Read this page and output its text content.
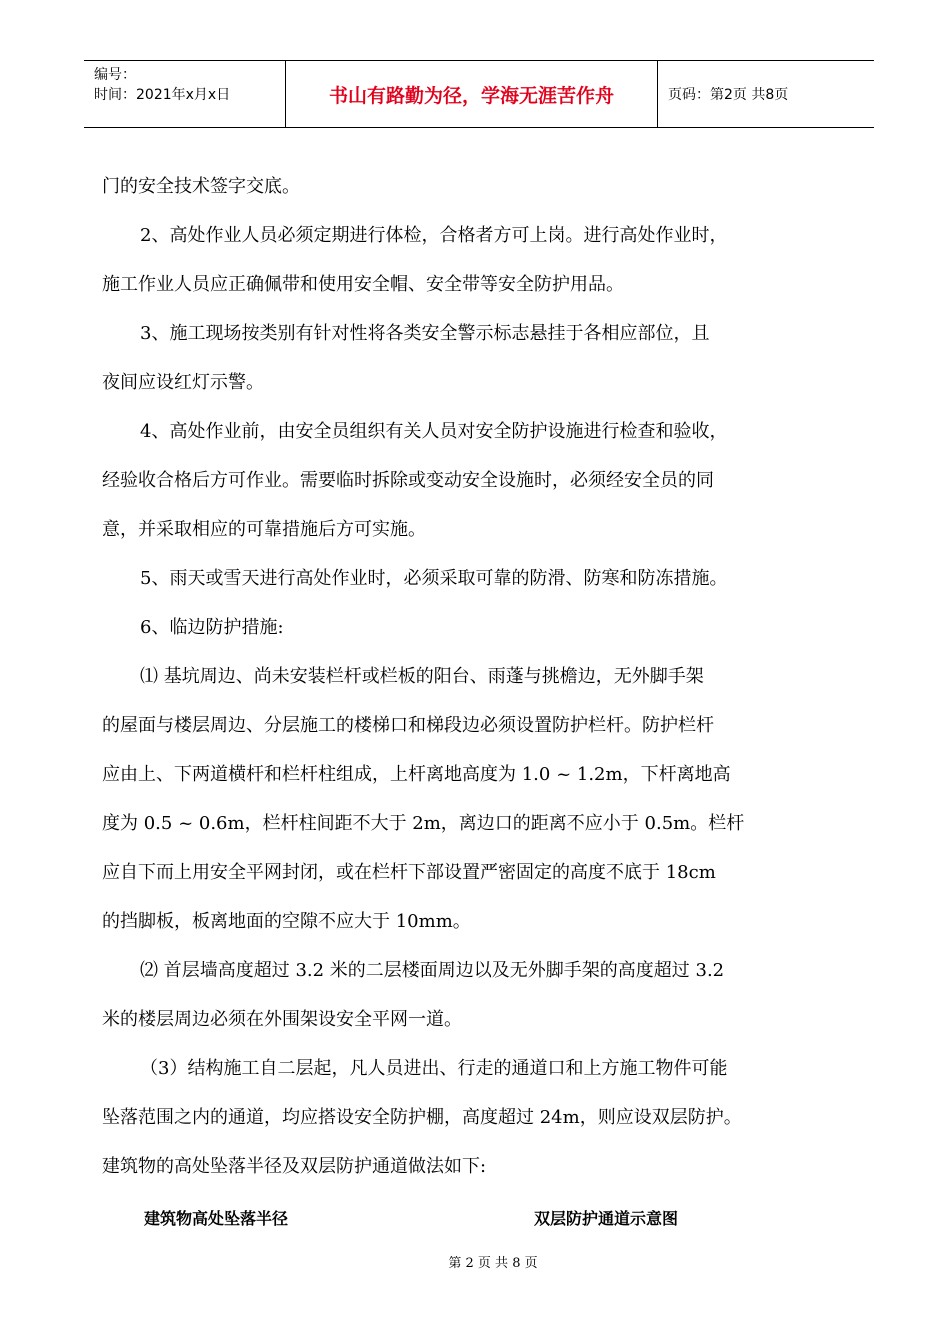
编号：
时间：2021年x月x日	书山有路勤为径，学海无涯苦作舟	页码：第2页 共8页

门的安全技术签字交底。

2、高处作业人员必须定期进行体检，合格者方可上岗。进行高处作业时，

施工作业人员应正确佩带和使用安全帽、安全带等安全防护用品。

3、施工现场按类别有针对性将各类安全警示标志悬挂于各相应部位，且

夜间应设红灯示警。

4、高处作业前，由安全员组织有关人员对安全防护设施进行检查和验收，

经验收合格后方可作业。需要临时拆除或变动安全设施时，必须经安全员的同

意，并采取相应的可靠措施后方可实施。

5、雨天或雪天进行高处作业时，必须采取可靠的防滑、防寒和防冻措施。

6、临边防护措施:

⑴ 基坑周边、尚未安装栏杆或栏板的阳台、雨蓬与挑檐边，无外脚手架

的屋面与楼层周边、分层施工的楼梯口和梯段边必须设置防护栏杆。防护栏杆

应由上、下两道横杆和栏杆柱组成，上杆离地高度为 1.0 ~ 1.2m，下杆离地高

度为 0.5 ~ 0.6m，栏杆柱间距不大于 2m，离边口的距离不应小于 0.5m。栏杆

应自下而上用安全平网封闭，或在栏杆下部设置严密固定的高度不底于 18cm

的挡脚板，板离地面的空隙不应大于 10mm。

⑵ 首层墙高度超过 3.2 米的二层楼面周边以及无外脚手架的高度超过 3.2

米的楼层周边必须在外围架设安全平网一道。

（3）结构施工自二层起，凡人员进出、行走的通道口和上方施工物件可能

坠落范围之内的通道，均应搭设安全防护棚，高度超过 24m，则应设双层防护。

建筑物的高处坠落半径及双层防护通道做法如下:

建筑物高处坠落半径	双层防护通道示意图
第 2 页 共 8 页
